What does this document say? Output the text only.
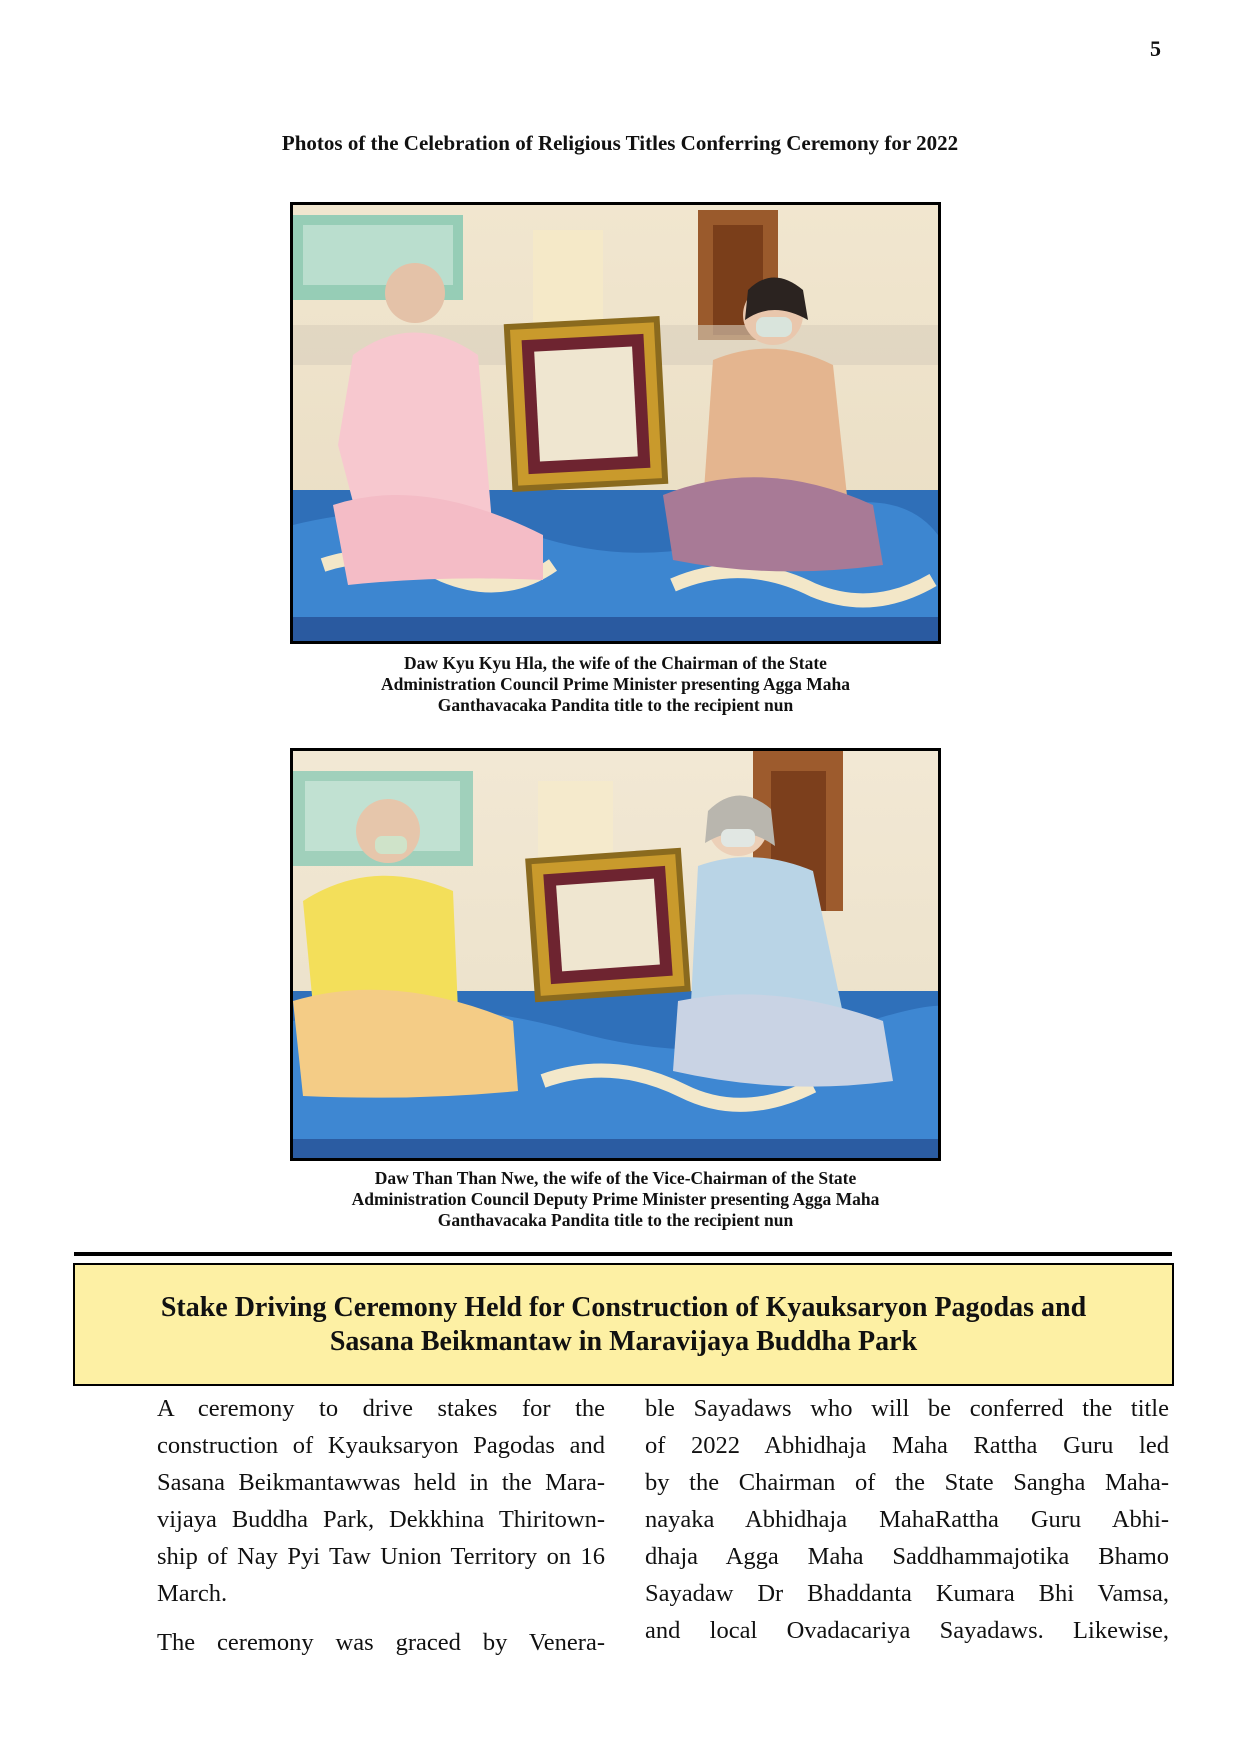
5
Photos of the Celebration of Religious Titles Conferring Ceremony for 2022
Daw Kyu Kyu Hla, the wife of the Chairman of the State
Administration Council Prime Minister presenting Agga Maha
Ganthavacaka Pandita title to the recipient nun
Daw Than Than Nwe, the wife of the Vice-Chairman of the State
Administration Council Deputy Prime Minister presenting Agga Maha
Ganthavacaka Pandita title to the recipient nun
Stake Driving Ceremony Held for Construction of Kyauksaryon Pagodas and
Sasana Beikmantaw in Maravijaya Buddha Park

A ceremony to drive stakes for the
construction of Kyauksaryon Pagodas and
Sasana Beikmantawwas held in the Mara-
vijaya Buddha Park, Dekkhina Thiritown-
ship of Nay Pyi Taw Union Territory on 16
March.

The ceremony was graced by Venera-

ble Sayadaws who will be conferred the title
of 2022 Abhidhaja Maha Rattha Guru led
by the Chairman of the State Sangha Maha-
nayaka Abhidhaja MahaRattha Guru Abhi-
dhaja Agga Maha Saddhammajotika Bhamo
Sayadaw Dr Bhaddanta Kumara Bhi Vamsa,
and local Ovadacariya Sayadaws. Likewise,
